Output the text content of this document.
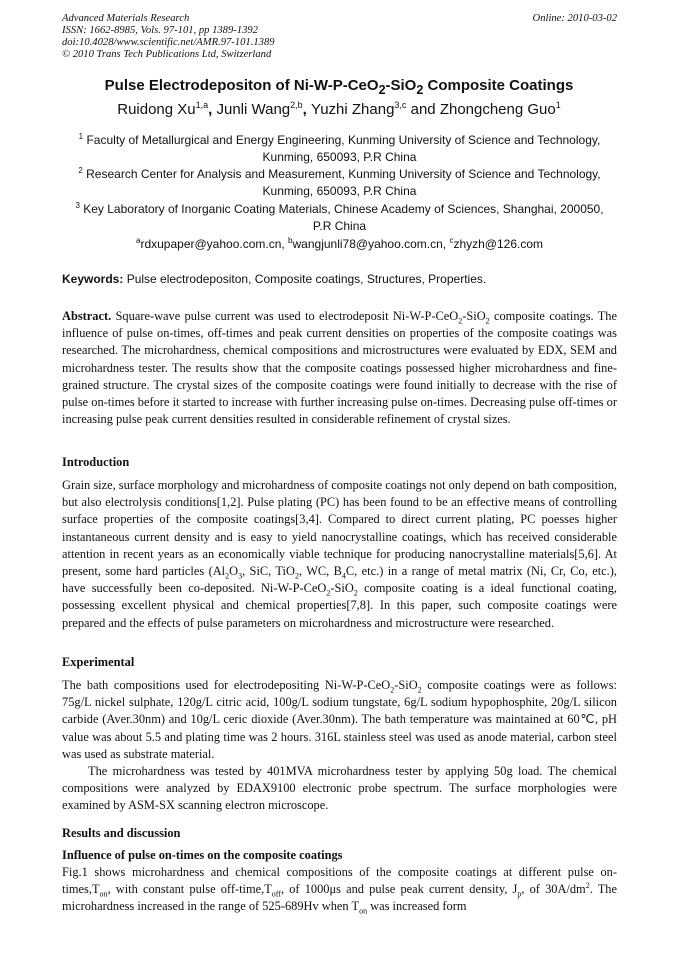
Advanced Materials Research
ISSN: 1662-8985, Vols. 97-101, pp 1389-1392
doi:10.4028/www.scientific.net/AMR.97-101.1389
© 2010 Trans Tech Publications Ltd, Switzerland
Online: 2010-03-02
Pulse Electrodepositon of Ni-W-P-CeO$_2$-SiO$_2$ Composite Coatings
Ruidong Xu$^{1,a}$, Junli Wang$^{2,b}$, Yuzhi Zhang$^{3,c}$ and Zhongcheng Guo$^1$
$^1$ Faculty of Metallurgical and Energy Engineering, Kunming University of Science and Technology,
Kunming, 650093, P.R China
$^2$ Research Center for Analysis and Measurement, Kunming University of Science and Technology,
Kunming, 650093, P.R China
$^3$ Key Laboratory of Inorganic Coating Materials, Chinese Academy of Sciences, Shanghai, 200050,
P.R China
$^a$rdxupaper@yahoo.com.cn, $^b$wangjunli78@yahoo.com.cn, $^c$zhyzh@126.com
Keywords: Pulse electrodepositon, Composite coatings, Structures, Properties.

Abstract. Square-wave pulse current was used to electrodeposit Ni-W-P-CeO$_2$-SiO$_2$ composite coatings. The influence of pulse on-times, off-times and peak current densities on properties of the composite coatings was researched. The microhardness, chemical compositions and microstructures were evaluated by EDX, SEM and microhardness tester. The results show that the composite coatings possessed higher microhardness and fine-grained structure. The crystal sizes of the composite coatings were found initially to decrease with the rise of pulse on-times before it started to increase with further increasing pulse on-times. Decreasing pulse off-times or increasing pulse peak current densities resulted in considerable refinement of crystal sizes.

Introduction

Grain size, surface morphology and microhardness of composite coatings not only depend on bath composition, but also electrolysis conditions[1,2]. Pulse plating (PC) has been found to be an effective means of controlling surface properties of the composite coatings[3,4]. Compared to direct current plating, PC poesses higher instantaneous current density and is easy to yield nanocrystalline coatings, which has received considerable attention in recent years as an economically viable technique for producing nanocrystalline materials[5,6]. At present, some hard particles ($Al_2O_3$, SiC, TiO$_2$, WC, $B_4C$, etc.) in a range of metal matrix (Ni, Cr, Co, etc.), have successfully been co-deposited. Ni-W-P-CeO$_2$-SiO$_2$ composite coating is a ideal functional coating, possessing excellent physical and chemical properties[7,8]. In this paper, such composite coatings were prepared and the effects of pulse parameters on microhardness and microstructure were researched.

Experimental

The bath compositions used for electrodepositing Ni-W-P-CeO$_2$-SiO$_2$ composite coatings were as follows: 75g/L nickel sulphate, 120g/L citric acid, 100g/L sodium tungstate, 6g/L sodium hypophosphite, 20g/L silicon carbide (Aver.30nm) and 10g/L ceric dioxide (Aver.30nm). The bath temperature was maintained at 60℃, pH value was about 5.5 and plating time was 2 hours. 316L stainless steel was used as anode material, carbon steel was used as substrate material.

The microhardness was tested by 401MVA microhardness tester by applying 50g load. The chemical compositions were analyzed by EDAX9100 electronic probe spectrum. The surface morphologies were examined by ASM-SX scanning electron microscope.

Results and discussion
Influence of pulse on-times on the composite coatings

Fig.1 shows microhardness and chemical compositions of the composite coatings at different pulse $on-times,T_{on}$, with constant pulse off-$time,T_{off}$, of 1000μs and pulse peak current density, $J_p$, of $30A/dm^2$. The microhardness increased in the range of 525-689Hv when $T_{on}$ was increased form
